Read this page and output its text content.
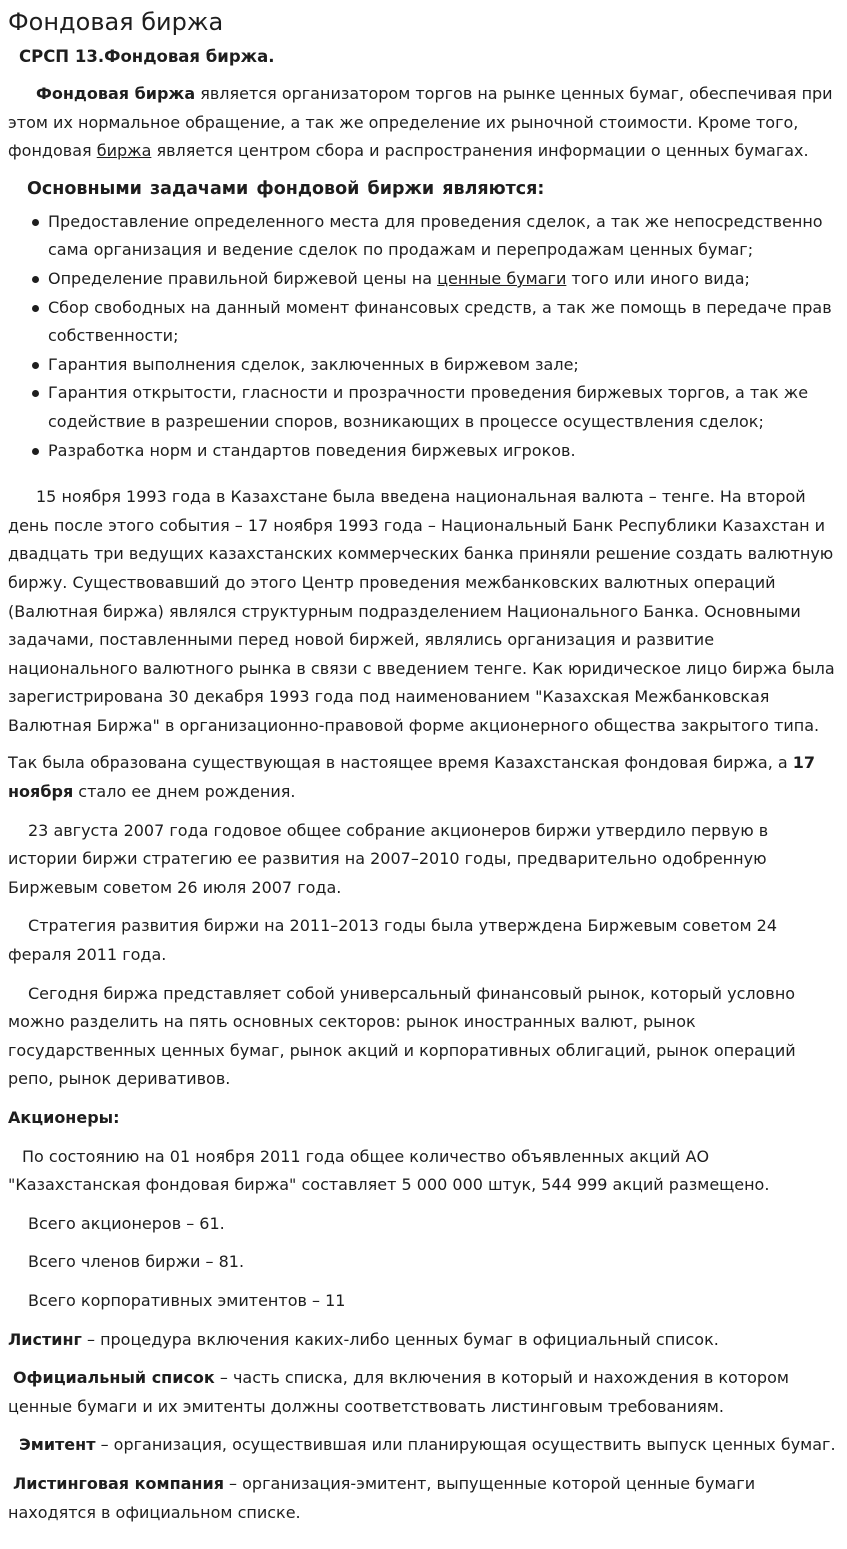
Фондовая биржа
СРСП 13.Фондовая биржа.

Фондовая биржа является организатором торгов на рынке ценных бумаг, обеспечивая при этом их нормальное обращение, а так же определение их рыночной стоимости. Кроме того, фондовая биржа является центром сбора и распространения информации о ценных бумагах.

Основными задачами фондовой биржи являются:
Предоставление определенного места для проведения сделок, а так же непосредственно сама организация и ведение сделок по продажам и перепродажам ценных бумаг;
Определение правильной биржевой цены на ценные бумаги того или иного вида;
Сбор свободных на данный момент финансовых средств, а так же помощь в передаче прав собственности;
Гарантия выполнения сделок, заключенных в биржевом зале;
Гарантия открытости, гласности и прозрачности проведения биржевых торгов, а так же содействие в разрешении споров, возникающих в процессе осуществления сделок;
Разработка норм и стандартов поведения биржевых игроков.

15 ноября 1993 года в Казахстане была введена национальная валюта – тенге. На второй день после этого события – 17 ноября 1993 года – Национальный Банк Республики Казахстан и двадцать три ведущих казахстанских коммерческих банка приняли решение создать валютную биржу. Существовавший до этого Центр проведения межбанковских валютных операций (Валютная биржа) являлся структурным подразделением Национального Банка. Основными задачами, поставленными перед новой биржей, являлись организация и развитие национального валютного рынка в связи с введением тенге. Как юридическое лицо биржа была зарегистрирована 30 декабря 1993 года под наименованием "Казахская Межбанковская Валютная Биржа" в организационно-правовой форме акционерного общества закрытого типа.

Так была образована существующая в настоящее время Казахстанская фондовая биржа, а 17 ноября стало ее днем рождения.

23 августа 2007 года годовое общее собрание акционеров биржи утвердило первую в истории биржи стратегию ее развития на 2007–2010 годы, предварительно одобренную Биржевым советом 26 июля 2007 года.

Стратегия развития биржи на 2011–2013 годы была утверждена Биржевым советом 24 фераля 2011 года.

Сегодня биржа представляет собой универсальный финансовый рынок, который условно можно разделить на пять основных секторов: рынок иностранных валют, рынок государственных ценных бумаг, рынок акций и корпоративных облигаций, рынок операций репо, рынок деривативов.

Акционеры:

По состоянию на 01 ноября 2011 года общее количество объявленных акций АО "Казахстанская фондовая биржа" составляет 5 000 000 штук, 544 999 акций размещено.

Всего акционеров – 61.

Всего членов биржи – 81.

Всего корпоративных эмитентов – 11

Листинг – процедура включения каких-либо ценных бумаг в официальный список.

Официальный список – часть списка, для включения в который и нахождения в котором ценные бумаги и их эмитенты должны соответствовать листинговым требованиям.

Эмитент – организация, осуществившая или планирующая осуществить выпуск ценных бумаг.

Листинговая компания – организация-эмитент, выпущенные которой ценные бумаги находятся в официальном списке.
